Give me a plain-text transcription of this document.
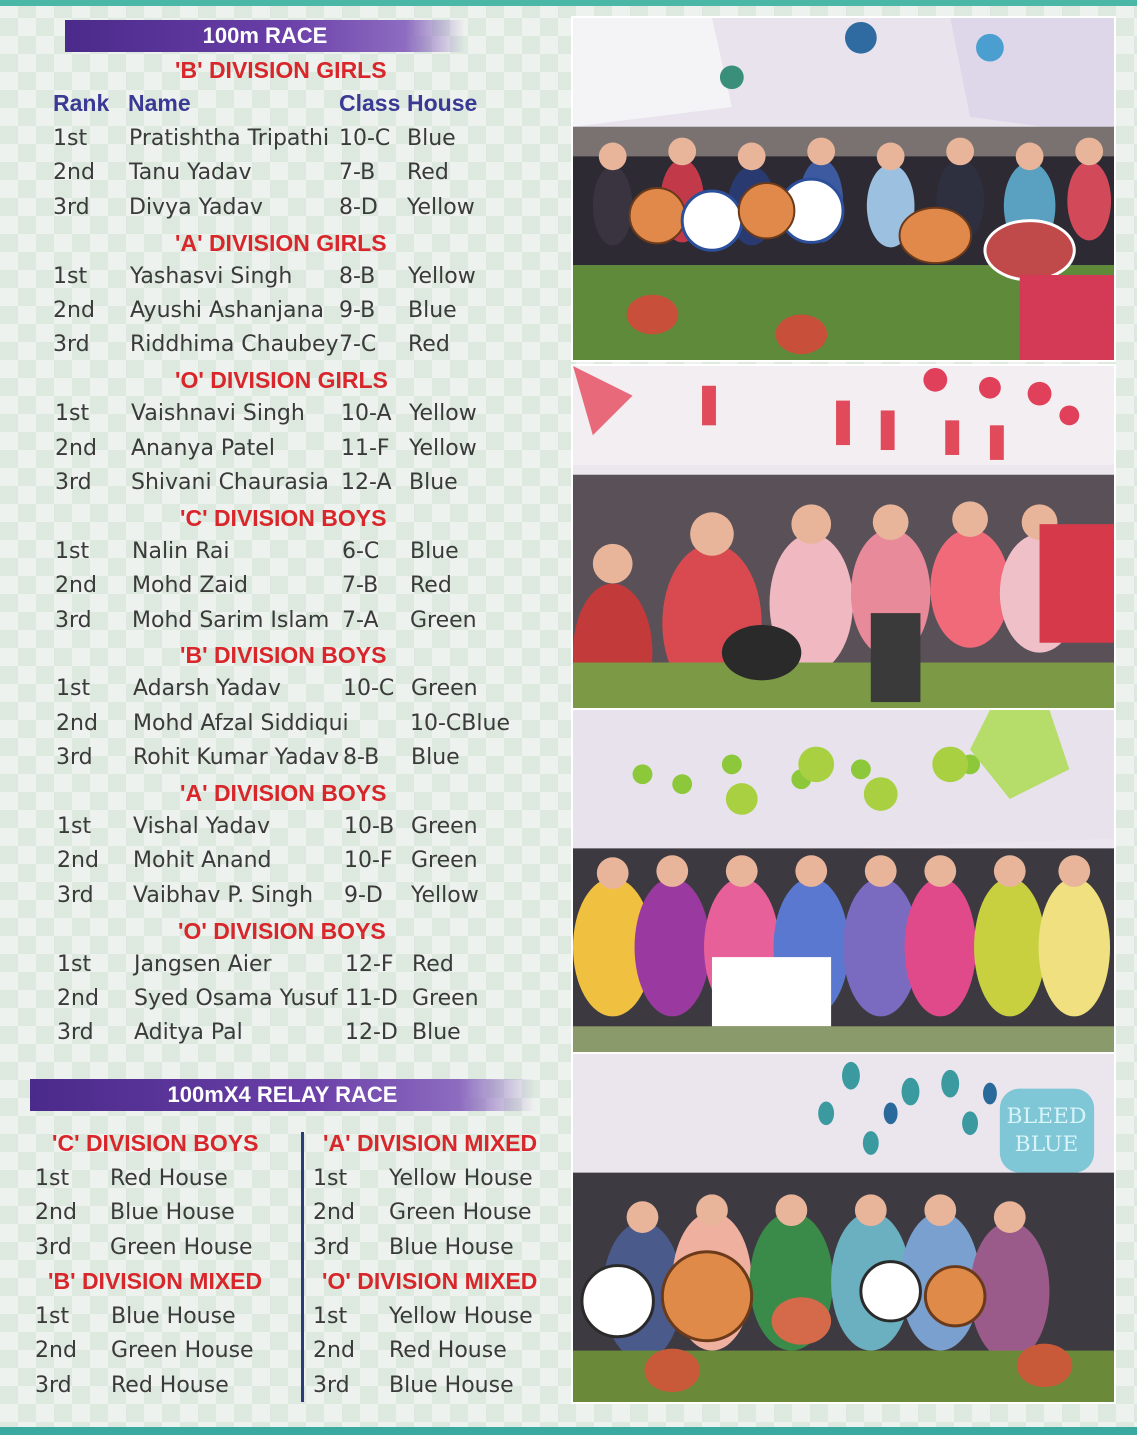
100m RACE
'B' DIVISION GIRLS
Rank Name	Class House
1st Pratishtha Tripathi 10-C Blue
2nd Tanu Yadav	7-B Red
3rd Divya Yadav	8-D Yellow
'A' DIVISION GIRLS
1st Yashasvi Singh 8-B Yellow
2nd Ayushi Ashanjana 9-B Blue
3rd Riddhima Chaubey 7-C Red
'O' DIVISION GIRLS
1st Vaishnavi Singh 10-A Yellow
2nd Ananya Patel	11-F Yellow
3rd Shivani Chaurasia 12-A Blue
'C' DIVISION BOYS
1st Nalin Rai	6-C Blue
2nd Mohd Zaid	7-B Red
3rd Mohd Sarim Islam 7-A Green
'B' DIVISION BOYS
1st Adarsh Yadav	10-C Green
2nd Mohd Afzal Siddiqui	10-CBlue
3rd Rohit Kumar Yadav 8-B Blue
'A' DIVISION BOYS
1st Vishal Yadav	10-B Green
2nd Mohit Anand	10-F Green
3rd Vaibhav P. Singh 9-D Yellow
'O' DIVISION BOYS
1st Jangsen Aier	12-F Red
2nd Syed Osama Yusuf 11-D Green
3rd Aditya Pal	12-D Blue
100mX4 RELAY RACE
'C' DIVISION BOYS
1st Red House
2nd Blue House
3rd Green House
'B' DIVISION MIXED
1st Blue House
2nd Green House
3rd Red House
'A' DIVISION MIXED
1st Yellow House
2nd Green House
3rd Blue House
'O' DIVISION MIXED
1st Yellow House
2nd Red House
3rd Blue House
BLEED
BLUE
